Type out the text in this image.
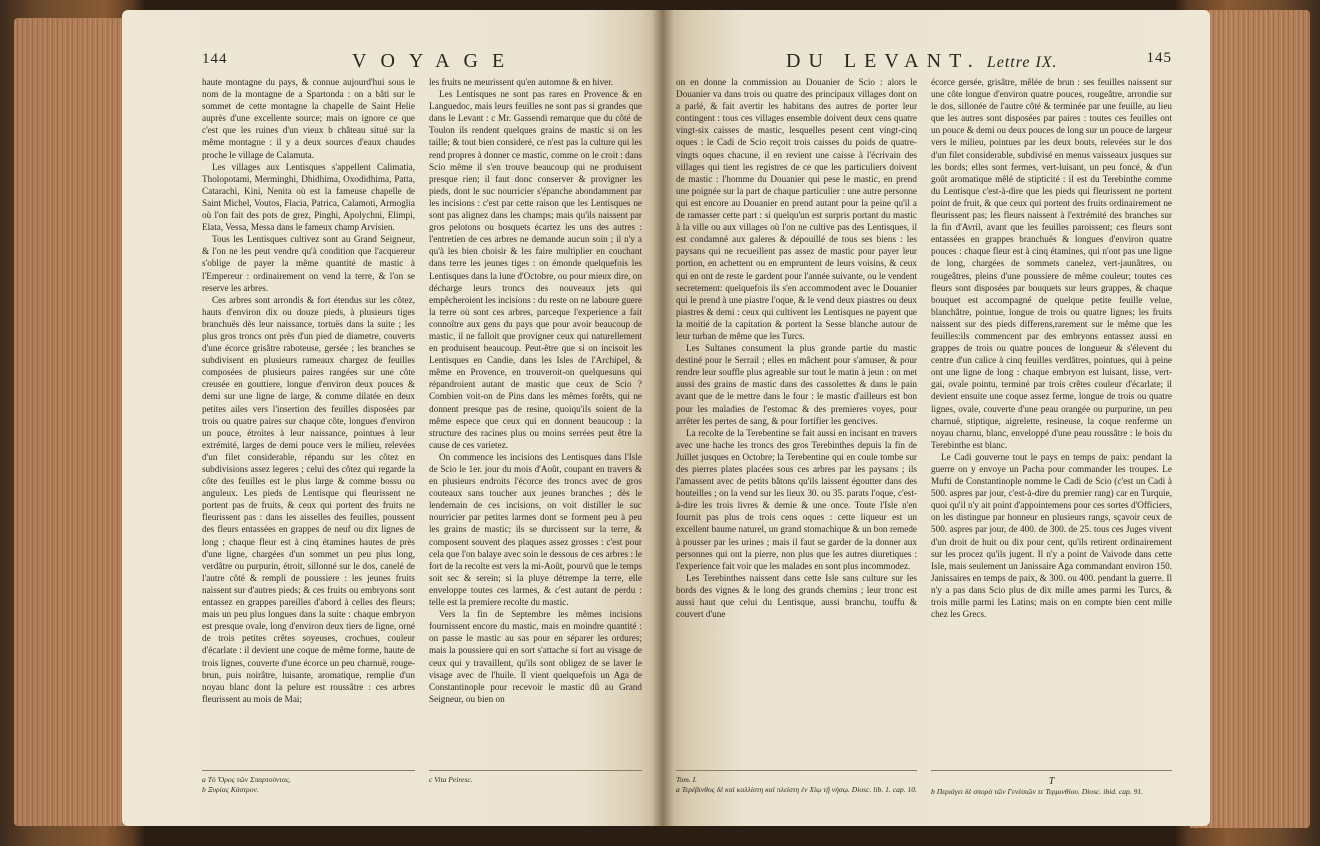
144	VOYAGE

haute montagne du pays, & connue aujourd'hui sous le nom de la montagne de a Spartonda : on a bâti sur le sommet de cette montagne la chapelle de Saint Helie auprès d'une excellente source; mais on ignore ce que c'est que les ruines d'un vieux b château situé sur la même montagne : il y a deux sources d'eaux chaudes proche le village de Calamuta.

Les villages aux Lentisques s'appellent Calimatia, Tholopotami, Merminghi, Dhidhima, Oxodidhima, Patta, Catarachi, Kini, Nenita où est la fameuse chapelle de Saint Michel, Voutos, Flacia, Patrica, Calamoti, Armoglia où l'on fait des pots de grez, Pinghi, Apolychni, Elimpi, Elata, Vessa, Messa dans le fameux champ Arvisien.

Tous les Lentisques cultivez sont au Grand Seigneur, & l'on ne les peut vendre qu'à condition que l'acquereur s'oblige de payer la même quantité de mastic à l'Empereur : ordinairement on vend la terre, & l'on se reserve les arbres.

Ces arbres sont arrondis & fort étendus sur les côtez, hauts d'environ dix ou douze pieds, à plusieurs tiges branchuës dès leur naissance, tortuës dans la suite ; les plus gros troncs ont près d'un pied de diametre, couverts d'une écorce grisâtre raboteuse, gersée ; les branches se subdivisent en plusieurs rameaux chargez de feuilles composées de plusieurs paires rangées sur une côte creusée en gouttiere, longue d'environ deux pouces & demi sur une ligne de large, & comme dilatée en deux petites ailes vers l'insertion des feuilles disposées par trois ou quatre paires sur chaque côte, longues d'environ un pouce, étroites à leur naissance, pointues à leur extrémité, larges de demi pouce vers le milieu, relevées d'un filet considerable, répandu sur les côtez en subdivisions assez legeres ; celui des côtez qui regarde la côte des feuilles est le plus large & comme bossu ou anguleux. Les pieds de Lentisque qui fleurissent ne portent pas de fruits, & ceux qui portent des fruits ne fleurissent pas : dans les aisselles des feuilles, poussent des fleurs entassées en grappes de neuf ou dix lignes de long ; chaque fleur est à cinq étamines hautes de près d'une ligne, chargées d'un sommet un peu plus long, verdâtre ou purpurin, étroit, sillonné sur le dos, canelé de l'autre côté & rempli de poussiere : les jeunes fruits naissent sur d'autres pieds; & ces fruits ou embryons sont entassez en grappes pareilles d'abord à celles des fleurs; mais un peu plus longues dans la suite : chaque embryon est presque ovale, long d'environ deux tiers de ligne, orné de trois petites crêtes soyeuses, crochues, couleur d'écarlate : il devient une coque de même forme, haute de trois lignes, couverte d'une écorce un peu charnuë, rouge-brun, puis noirâtre, luisante, aromatique, remplie d'un noyau blanc dont la pelure est roussâtre : ces arbres fleurissent au mois de Mai;

les fruits ne meurissent qu'en automne & en hiver.

Les Lentisques ne sont pas rares en Provence & en Languedoc, mais leurs feuilles ne sont pas si grandes que dans le Levant : c Mr. Gassendi remarque que du côté de Toulon ils rendent quelques grains de mastic si on les taille; & tout bien consideré, ce n'est pas la culture qui les rend propres à donner ce mastic, comme on le croit : dans Scio même il s'en trouve beaucoup qui ne produisent presque rien; il faut donc conserver & provigner les pieds, dont le suc nourricier s'épanche abondamment par les incisions : c'est par cette raison que les Lentisques ne sont pas alignez dans les champs; mais qu'ils naissent par gros pelotons ou bosquets écartez les uns des autres : l'entretien de ces arbres ne demande aucun soin ; il n'y a qu'à les bien choisir & les faire multiplier en couchant dans terre les jeunes tiges : on émonde quelquefois les Lentisques dans la lune d'Octobre, ou pour mieux dire, on décharge leurs troncs des nouveaux jets qui empêcheroient les incisions : du reste on ne laboure guere la terre où sont ces arbres, parceque l'experience a fait connoître aux gens du pays que pour avoir beaucoup de mastic, il ne falloit que provigner ceux qui naturellement en produisent beaucoup. Peut-être que si on incisoit les Lentisques en Candie, dans les Isles de l'Archipel, & même en Provence, en trouveroit-on quelquesuns qui répandroient autant de mastic que ceux de Scio ? Combien voit-on de Pins dans les mêmes forêts, qui ne donnent presque pas de resine, quoiqu'ils soient de la même espece que ceux qui en donnent beaucoup : la structure des racines plus ou moins serrées peut être la cause de ces varietez.

On commence les incisions des Lentisques dans l'Isle de Scio le 1er. jour du mois d'Août, coupant en travers & en plusieurs endroits l'écorce des troncs avec de gros couteaux sans toucher aux jeunes branches ; dès le lendemain de ces incisions, on voit distiller le suc nourricier par petites larmes dont se forment peu à peu les grains de mastic; ils se durcissent sur la terre, & composent souvent des plaques assez grosses : c'est pour cela que l'on balaye avec soin le dessous de ces arbres : le fort de la recolte est vers la mi-Août, pourvû que le temps soit sec & serein; si la pluye détrempe la terre, elle enveloppe toutes ces larmes, & c'est autant de perdu : telle est la premiere recolte du mastic.

Vers la fin de Septembre les mêmes incisions fournissent encore du mastic, mais en moindre quantité : on passe le mastic au sas pour en séparer les ordures; mais la poussiere qui en sort s'attache si fort au visage de ceux qui y travaillent, qu'ils sont obligez de se laver le visage avec de l'huile. Il vient quelquefois un Aga de Constantinople pour recevoir le mastic dû au Grand Seigneur, ou bien on

a Τὸ Ὄρος τῶν Σπαρτούντας.
b Ξυρίας Κάστρον.
c Vita Peiresc.
DU LEVANT. Lettre IX.	145

on en donne la commission au Douanier de Scio : alors le Douanier va dans trois ou quatre des principaux villages dont on a parlé, & fait avertir les habitans des autres de porter leur contingent : tous ces villages ensemble doivent deux cens quatre vingt-six caisses de mastic, lesquelles pesent cent vingt-cinq oques : le Cadi de Scio reçoit trois caisses du poids de quatre-vingts oques chacune, il en revient une caisse à l'écrivain des villages qui tient les registres de ce que les particuliers doivent de mastic : l'homme du Douanier qui pese le mastic, en prend une poignée sur la part de chaque particulier : une autre personne qui est encore au Douanier en prend autant pour la peine qu'il a de ramasser cette part : si quelqu'un est surpris portant du mastic à la ville ou aux villages où l'on ne cultive pas des Lentisques, il est condamné aux galeres & dépouillé de tous ses biens : les paysans qui ne recueillent pas assez de mastic pour payer leur portion, en achettent ou en empruntent de leurs voisins, & ceux qui en ont de reste le gardent pour l'année suivante, ou le vendent secretement: quelquefois ils s'en accommodent avec le Douanier qui le prend à une piastre l'oque, & le vend deux piastres ou deux piastres & demi : ceux qui cultivent les Lentisques ne payent que la moitié de la capitation & portent la Sesse blanche autour de leur turban de même que les Turcs.

Les Sultanes consument la plus grande partie du mastic destiné pour le Serrail ; elles en mâchent pour s'amuser, & pour rendre leur souffle plus agreable sur tout le matin à jeun : on met aussi des grains de mastic dans des cassolettes & dans le pain avant que de le mettre dans le four : le mastic d'ailleurs est bon pour les maladies de l'estomac & des premieres voyes, pour arrêter les pertes de sang, & pour fortifier les gencives.

La recolte de la Terebentine se fait aussi en incisant en travers avec une hache les troncs des gros Terebinthes depuis la fin de Juillet jusques en Octobre; la Terebentine qui en coule tombe sur des pierres plates placées sous ces arbres par les paysans ; ils l'amassent avec de petits bâtons qu'ils laissent égoutter dans des bouteilles ; on la vend sur les lieux 30. ou 35. parats l'oque, c'est-à-dire les trois livres & demie & une once. Toute l'Isle n'en fournit pas plus de trois cens oques : cette liqueur est un excellent baume naturel, un grand stomachique & un bon remede à pousser par les urines ; mais il faut se garder de la donner aux personnes qui ont la pierre, non plus que les autres diuretiques : l'experience fait voir que les malades en sont plus incommodez.

Les Terebinthes naissent dans cette Isle sans culture sur les bords des vignes & le long des grands chemins ; leur tronc est aussi haut que celui du Lentisque, aussi branchu, touffu & couvert d'une

écorce gersée, grisâtre, mêlée de brun : ses feuilles naissent sur une côte longue d'environ quatre pouces, rougeâtre, arrondie sur le dos, sillonée de l'autre côté & terminée par une feuille, au lieu que les autres sont disposées par paires : toutes ces feuilles ont un pouce & demi ou deux pouces de long sur un pouce de largeur vers le milieu, pointues par les deux bouts, relevées sur le dos d'un filet considerable, subdivisé en menus vaisseaux jusques sur les bords; elles sont fermes, vert-luisant, un peu foncé, & d'un goût aromatique mêlé de stipticité : il est du Terebinthe comme du Lentisque c'est-à-dire que les pieds qui fleurissent ne portent point de fruit, & que ceux qui portent des fruits ordinairement ne fleurissent pas; les fleurs naissent à l'extrémité des branches sur la fin d'Avril, avant que les feuilles paroissent; ces fleurs sont entassées en grappes branchuës & longues d'environ quatre pouces : chaque fleur est à cinq étamines, qui n'ont pas une ligne de long, chargées de sommets canelez, vert-jaunâtres, ou rougeâtres, pleins d'une poussiere de même couleur; toutes ces fleurs sont disposées par bouquets sur leurs grappes, & chaque bouquet est accompagné de quelque petite feuille velue, blanchâtre, pointue, longue de trois ou quatre lignes; les fruits naissent sur des pieds differens,rarement sur le même que les feuilles:ils commencent par des embryons entassez aussi en grappes de trois ou quatre pouces de longueur & s'élevent du centre d'un calice à cinq feuilles verdâtres, pointues, qui à peine ont une ligne de long : chaque embryon est luisant, lisse, vert-gai, ovale pointu, terminé par trois crêtes couleur d'écarlate; il devient ensuite une coque assez ferme, longue de trois ou quatre lignes, ovale, couverte d'une peau orangée ou purpurine, un peu charnuë, stiptique, aigrelette, resineuse, la coque renferme un noyau charnu, blanc, enveloppé d'une peau roussâtre : le bois du Terebinthe est blanc.

Le Cadi gouverne tout le pays en temps de paix: pendant la guerre on y envoye un Pacha pour commander les troupes. Le Mufti de Constantinople nomme le Cadi de Scio (c'est un Cadi à 500. aspres par jour, c'est-à-dire du premier rang) car en Turquie, quoi qu'il n'y ait point d'appointemens pour ces sortes d'Officiers, on les distingue par honneur en plusieurs rangs, sçavoir ceux de 500. aspres par jour, de 400. de 300. de 25. tous ces Juges vivent d'un droit de huit ou dix pour cent, qu'ils retirent ordinairement sur les procez qu'ils jugent. Il n'y a point de Vaivode dans cette Isle, mais seulement un Janissaire Aga commandant environ 150. Janissaires en temps de paix, & 300. ou 400. pendant la guerre. Il n'y a pas dans Scio plus de dix mille ames parmi les Turcs, & trois mille parmi les Latins; mais on en compte bien cent mille chez les Grecs.

Tom. I.
a Τερέβινθος δὲ καὶ καλλίστη καὶ πλείστη ἐν Χίῳ τῇ νήσῳ. Diosc. lib. 1. cap. 10.
T
b Περιάγει δὲ σπορὰ τῶν Γενέσιῶν τε Τερμινθίου. Diosc. ibid. cap. 91.
